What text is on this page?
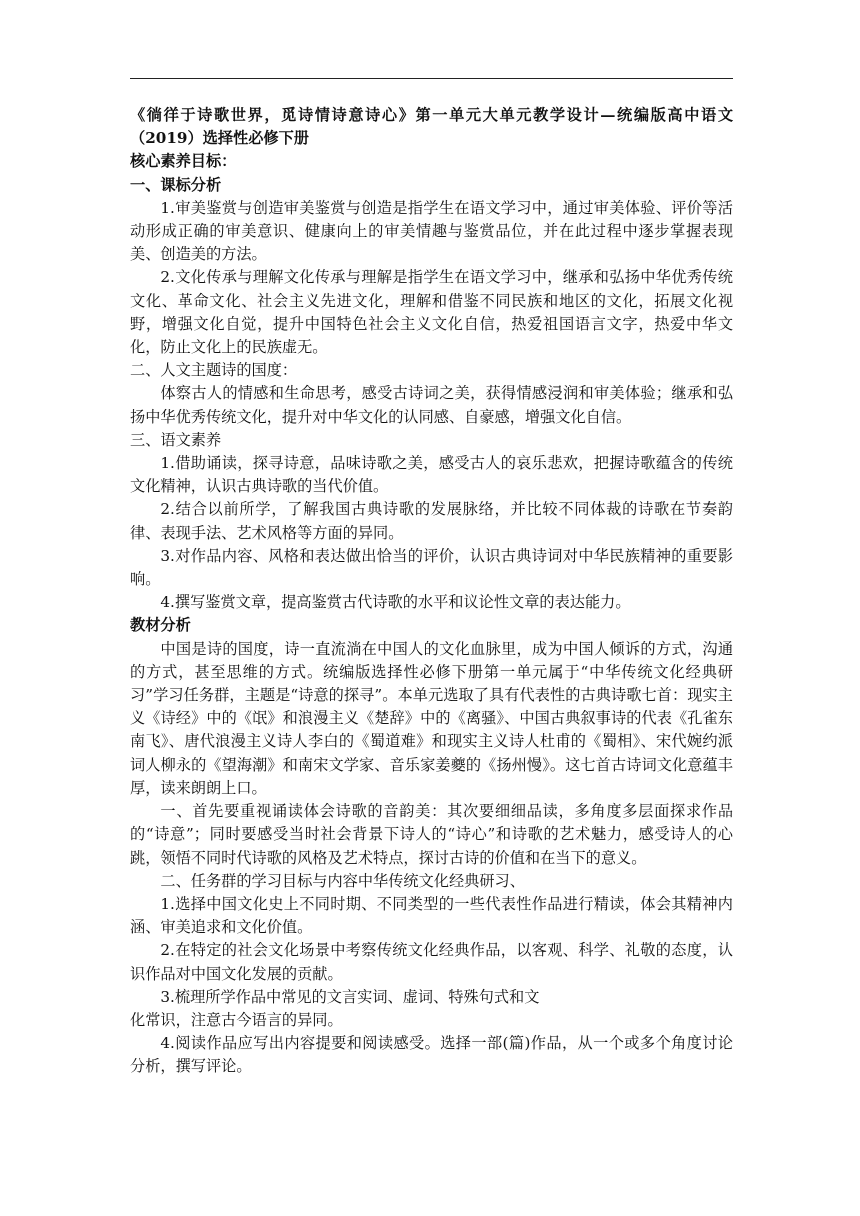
《徜徉于诗歌世界，觅诗情诗意诗心》第一单元大单元教学设计—统编版高中语文（2019）选择性必修下册

核心素养目标：

一、课标分析

1.审美鉴赏与创造审美鉴赏与创造是指学生在语文学习中，通过审美体验、评价等活动形成正确的审美意识、健康向上的审美情趣与鉴赏品位，并在此过程中逐步掌握表现美、创造美的方法。

2.文化传承与理解文化传承与理解是指学生在语文学习中，继承和弘扬中华优秀传统文化、革命文化、社会主义先进文化，理解和借鉴不同民族和地区的文化，拓展文化视野，增强文化自觉，提升中国特色社会主义文化自信，热爱祖国语言文字，热爱中华文化，防止文化上的民族虚无。

二、人文主题诗的国度：

体察古人的情感和生命思考，感受古诗词之美，获得情感浸润和审美体验；继承和弘扬中华优秀传统文化，提升对中华文化的认同感、自豪感，增强文化自信。

三、语文素养

1.借助诵读，探寻诗意，品味诗歌之美，感受古人的哀乐悲欢，把握诗歌蕴含的传统文化精神，认识古典诗歌的当代价值。

2.结合以前所学，了解我国古典诗歌的发展脉络，并比较不同体裁的诗歌在节奏韵律、表现手法、艺术风格等方面的异同。

3.对作品内容、风格和表达做出恰当的评价，认识古典诗词对中华民族精神的重要影响。

4.撰写鉴赏文章，提高鉴赏古代诗歌的水平和议论性文章的表达能力。

教材分析

中国是诗的国度，诗一直流淌在中国人的文化血脉里，成为中国人倾诉的方式，沟通的方式，甚至思维的方式。统编版选择性必修下册第一单元属于“中华传统文化经典研习”学习任务群，主题是“诗意的探寻”。本单元选取了具有代表性的古典诗歌七首：现实主义《诗经》中的《氓》和浪漫主义《楚辞》中的《离骚》、中国古典叙事诗的代表《孔雀东南飞》、唐代浪漫主义诗人李白的《蜀道难》和现实主义诗人杜甫的《蜀相》、宋代婉约派词人柳永的《望海潮》和南宋文学家、音乐家姜夔的《扬州慢》。这七首古诗词文化意蕴丰厚，读来朗朗上口。

一、首先要重视诵读体会诗歌的音韵美：其次要细细品读，多角度多层面探求作品的“诗意”；同时要感受当时社会背景下诗人的“诗心”和诗歌的艺术魅力，感受诗人的心跳，领悟不同时代诗歌的风格及艺术特点，探讨古诗的价值和在当下的意义。

二、任务群的学习目标与内容中华传统文化经典研习、

1.选择中国文化史上不同时期、不同类型的一些代表性作品进行精读，体会其精神内涵、审美追求和文化价值。

2.在特定的社会文化场景中考察传统文化经典作品，以客观、科学、礼敬的态度，认识作品对中国文化发展的贡献。

3.梳理所学作品中常见的文言实词、虚词、特殊句式和文

化常识，注意古今语言的异同。

4.阅读作品应写出内容提要和阅读感受。选择一部(篇)作品，从一个或多个角度讨论分析，撰写评论。
